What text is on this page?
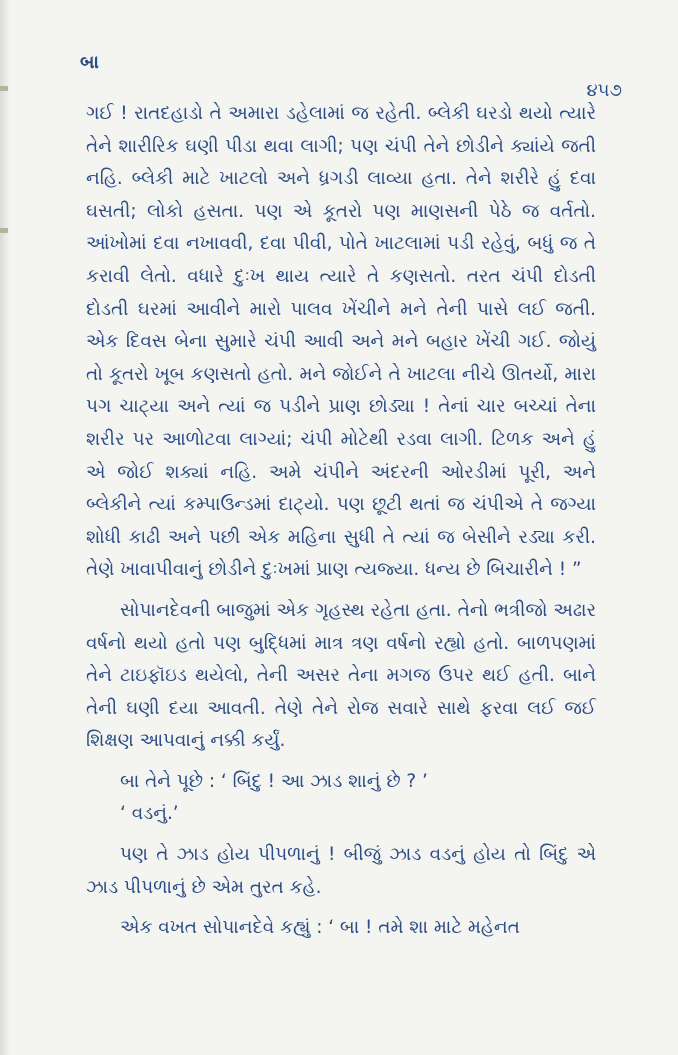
બા
૪૫૭

ગઈ ! રાતદહાડો તે અમારા ડહેલામાં જ રહેતી. બ્લેકી ઘરડો થયો ત્યારે તેને શારીરિક ઘણી પીડા થવા લાગી; પણ ચંપી તેને છોડીને ક્યાંયે જતી નહિ. બ્લેકી માટે ખાટલો અને ધ્રગડી લાવ્યા હતા. તેને શરીરે હું દવા ઘસતી; લોકો હસતા. પણ એ કૂતરો પણ માણસની પેઠે જ વર્તતો. આંખોમાં દવા નખાવવી, દવા પીવી, પોતે ખાટલામાં પડી રહેવું, બધું જ તે કરાવી લેતો. વધારે દુઃખ થાય ત્યારે તે કણસતો. તરત ચંપી દોડતી દોડતી ઘરમાં આવીને મારો પાલવ ખેંચીને મને તેની પાસે લઈ જતી. એક દિવસ બેના સુમારે ચંપી આવી અને મને બહાર ખેંચી ગઈ. જોયું તો કૂતરો ખૂબ કણસતો હતો. મને જોઈને તે ખાટલા નીચે ઊતર્યો, મારા પગ ચાટ્યા અને ત્યાં જ પડીને પ્રાણ છોડ્યા ! તેનાં ચાર બચ્ચાં તેના શરીર પર આળોટવા લાગ્યાં; ચંપી મોટેથી રડવા લાગી. ટિળક અને હું એ જોઈ શક્યાં નહિ. અમે ચંપીને અંદરની ઓરડીમાં પૂરી, અને બ્લેકીને ત્યાં કમ્પાઉન્ડમાં દાટ્યો. પણ છૂટી થતાં જ ચંપીએ તે જગ્યા શોધી કાઢી અને પછી એક મહિના સુધી તે ત્યાં જ બેસીને રડ્યા કરી. તેણે ખાવાપીવાનું છોડીને દુઃખમાં પ્રાણ ત્યજ્યા. ધન્ય છે બિચારીને ! ”

સોપાનદેવની બાજુમાં એક ગૃહસ્થ રહેતા હતા. તેનો ભત્રીજો અઢાર વર્ષનો થયો હતો પણ બુદ્ધિમાં માત્ર ત્રણ વર્ષનો રહ્યો હતો. બાળપણમાં તેને ટાઇફૉઇડ થયેલો, તેની અસર તેના મગજ ઉપર થઈ હતી. બાને તેની ઘણી દયા આવતી. તેણે તેને રોજ સવારે સાથે ફરવા લઈ જઈ શિક્ષણ આપવાનું નક્કી કર્યું.

બા તેને પૂછે : ‘ બિંદુ ! આ ઝાડ શાનું છે ? ’

‘ વડનું.’

પણ તે ઝાડ હોય પીપળાનું ! બીજું ઝાડ વડનું હોય તો બિંદુ એ ઝાડ પીપળાનું છે એમ તુરત કહે.

એક વખત સોપાનદેવે કહ્યું : ‘ બા ! તમે શા માટે મહેનત
